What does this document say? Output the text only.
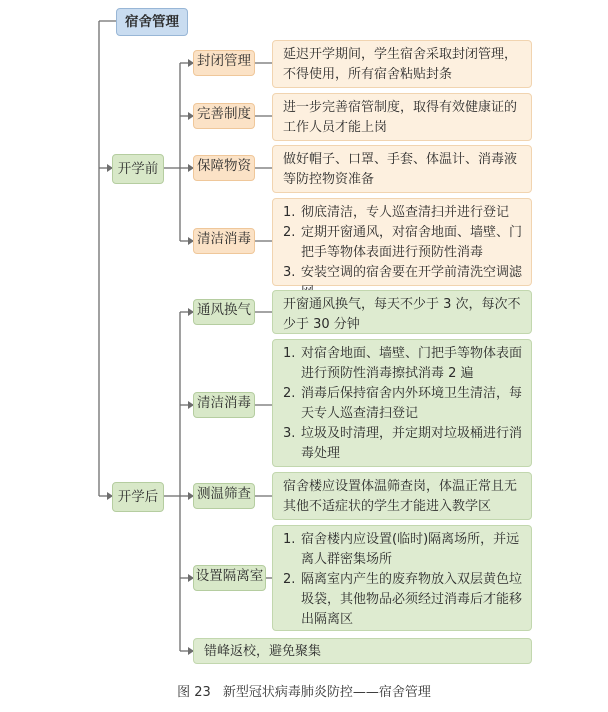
宿舍管理
开学前
开学后
封闭管理
完善制度
保障物资
清洁消毒
延迟开学期间，学生宿舍采取封闭管理，不得使用，所有宿舍粘贴封条
进一步完善宿管制度，取得有效健康证的工作人员才能上岗
做好帽子、口罩、手套、体温计、消毒液等防控物资准备
1. 彻底清洁，专人巡查清扫并进行登记
2. 定期开窗通风，对宿舍地面、墙壁、门把手等物体表面进行预防性消毒
3. 安装空调的宿舍要在开学前清洗空调滤
通风换气
清洁消毒
测温筛查
设置隔离室
开窗通风换气，每天不少于 3 次，每次不少于 30 分钟
1. 对宿舍地面、墙壁、门把手等物体表面进行预防性消毒擦拭消毒 2 遍
2. 消毒后保持宿舍内外环境卫生清洁，每天专人巡查清扫登记
3. 垃圾及时清理，并定期对垃圾桶进行消毒处理
宿舍楼应设置体温筛查岗，体温正常且无其他不适症状的学生才能进入教学区
1. 宿舍楼内应设置(临时)隔离场所，并远离人群密集场所
2. 隔离室内产生的废弃物放入双层黄色垃圾袋，其他物品必须经过消毒后才能移出隔离区
错峰返校，避免聚集
图 23 新型冠状病毒肺炎防控——宿舍管理
